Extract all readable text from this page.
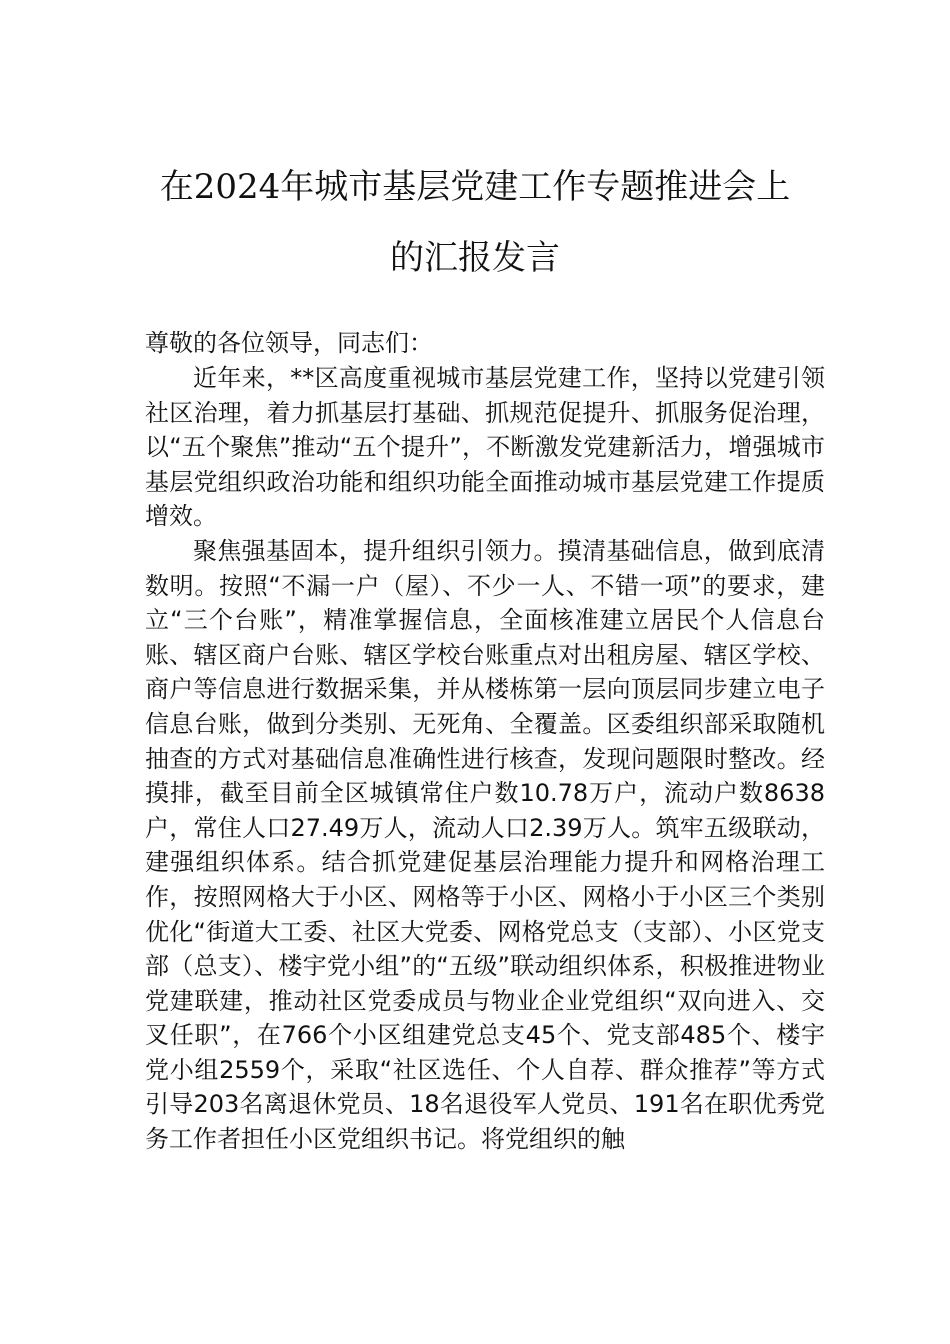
在2024年城市基层党建工作专题推进会上
的汇报发言
尊敬的各位领导，同志们：

近年来，**区高度重视城市基层党建工作，坚持以党建引领社区治理，着力抓基层打基础、抓规范促提升、抓服务促治理，以“五个聚焦”推动“五个提升”，不断激发党建新活力，增强城市基层党组织政治功能和组织功能全面推动城市基层党建工作提质增效。

聚焦强基固本，提升组织引领力。摸清基础信息，做到底清数明。按照“不漏一户（屋）、不少一人、不错一项”的要求，建立“三个台账”，精准掌握信息，全面核准建立居民个人信息台账、辖区商户台账、辖区学校台账重点对出租房屋、辖区学校、商户等信息进行数据采集，并从楼栋第一层向顶层同步建立电子信息台账，做到分类别、无死角、全覆盖。区委组织部采取随机抽查的方式对基础信息准确性进行核查，发现问题限时整改。经摸排，截至目前全区城镇常住户数10.78万户，流动户数8638户，常住人口27.49万人，流动人口2.39万人。筑牢五级联动，建强组织体系。结合抓党建促基层治理能力提升和网格治理工作，按照网格大于小区、网格等于小区、网格小于小区三个类别优化“街道大工委、社区大党委、网格党总支（支部）、小区党支部（总支）、楼宇党小组”的“五级”联动组织体系，积极推进物业党建联建，推动社区党委成员与物业企业党组织“双向进入、交叉任职”，在766个小区组建党总支45个、党支部485个、楼宇党小组2559个，采取“社区选任、个人自荐、群众推荐”等方式引导203名离退休党员、18名退役军人党员、191名在职优秀党务工作者担任小区党组织书记。将党组织的触
